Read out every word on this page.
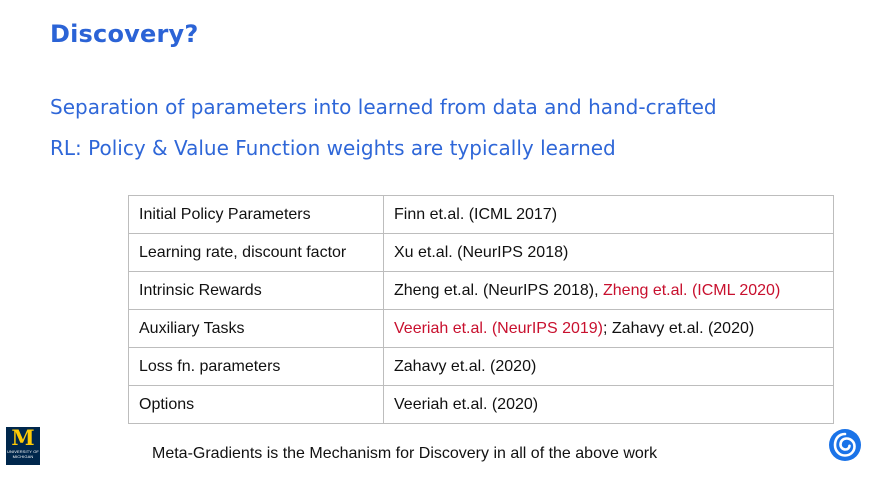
Discovery?
Separation of parameters into learned from data and hand-crafted
RL: Policy & Value Function weights are typically learned
Initial Policy Parameters	Finn et.al. (ICML 2017)
Learning rate, discount factor	Xu et.al. (NeurIPS 2018)
Intrinsic Rewards	Zheng et.al. (NeurIPS 2018), Zheng et.al. (ICML 2020)
Auxiliary Tasks	Veeriah et.al. (NeurIPS 2019); Zahavy et.al. (2020)
Loss fn. parameters	Zahavy et.al. (2020)
Options	Veeriah et.al. (2020)
Meta-Gradients is the Mechanism for Discovery in all of the above work
M
UNIVERSITY OF MICHIGAN
